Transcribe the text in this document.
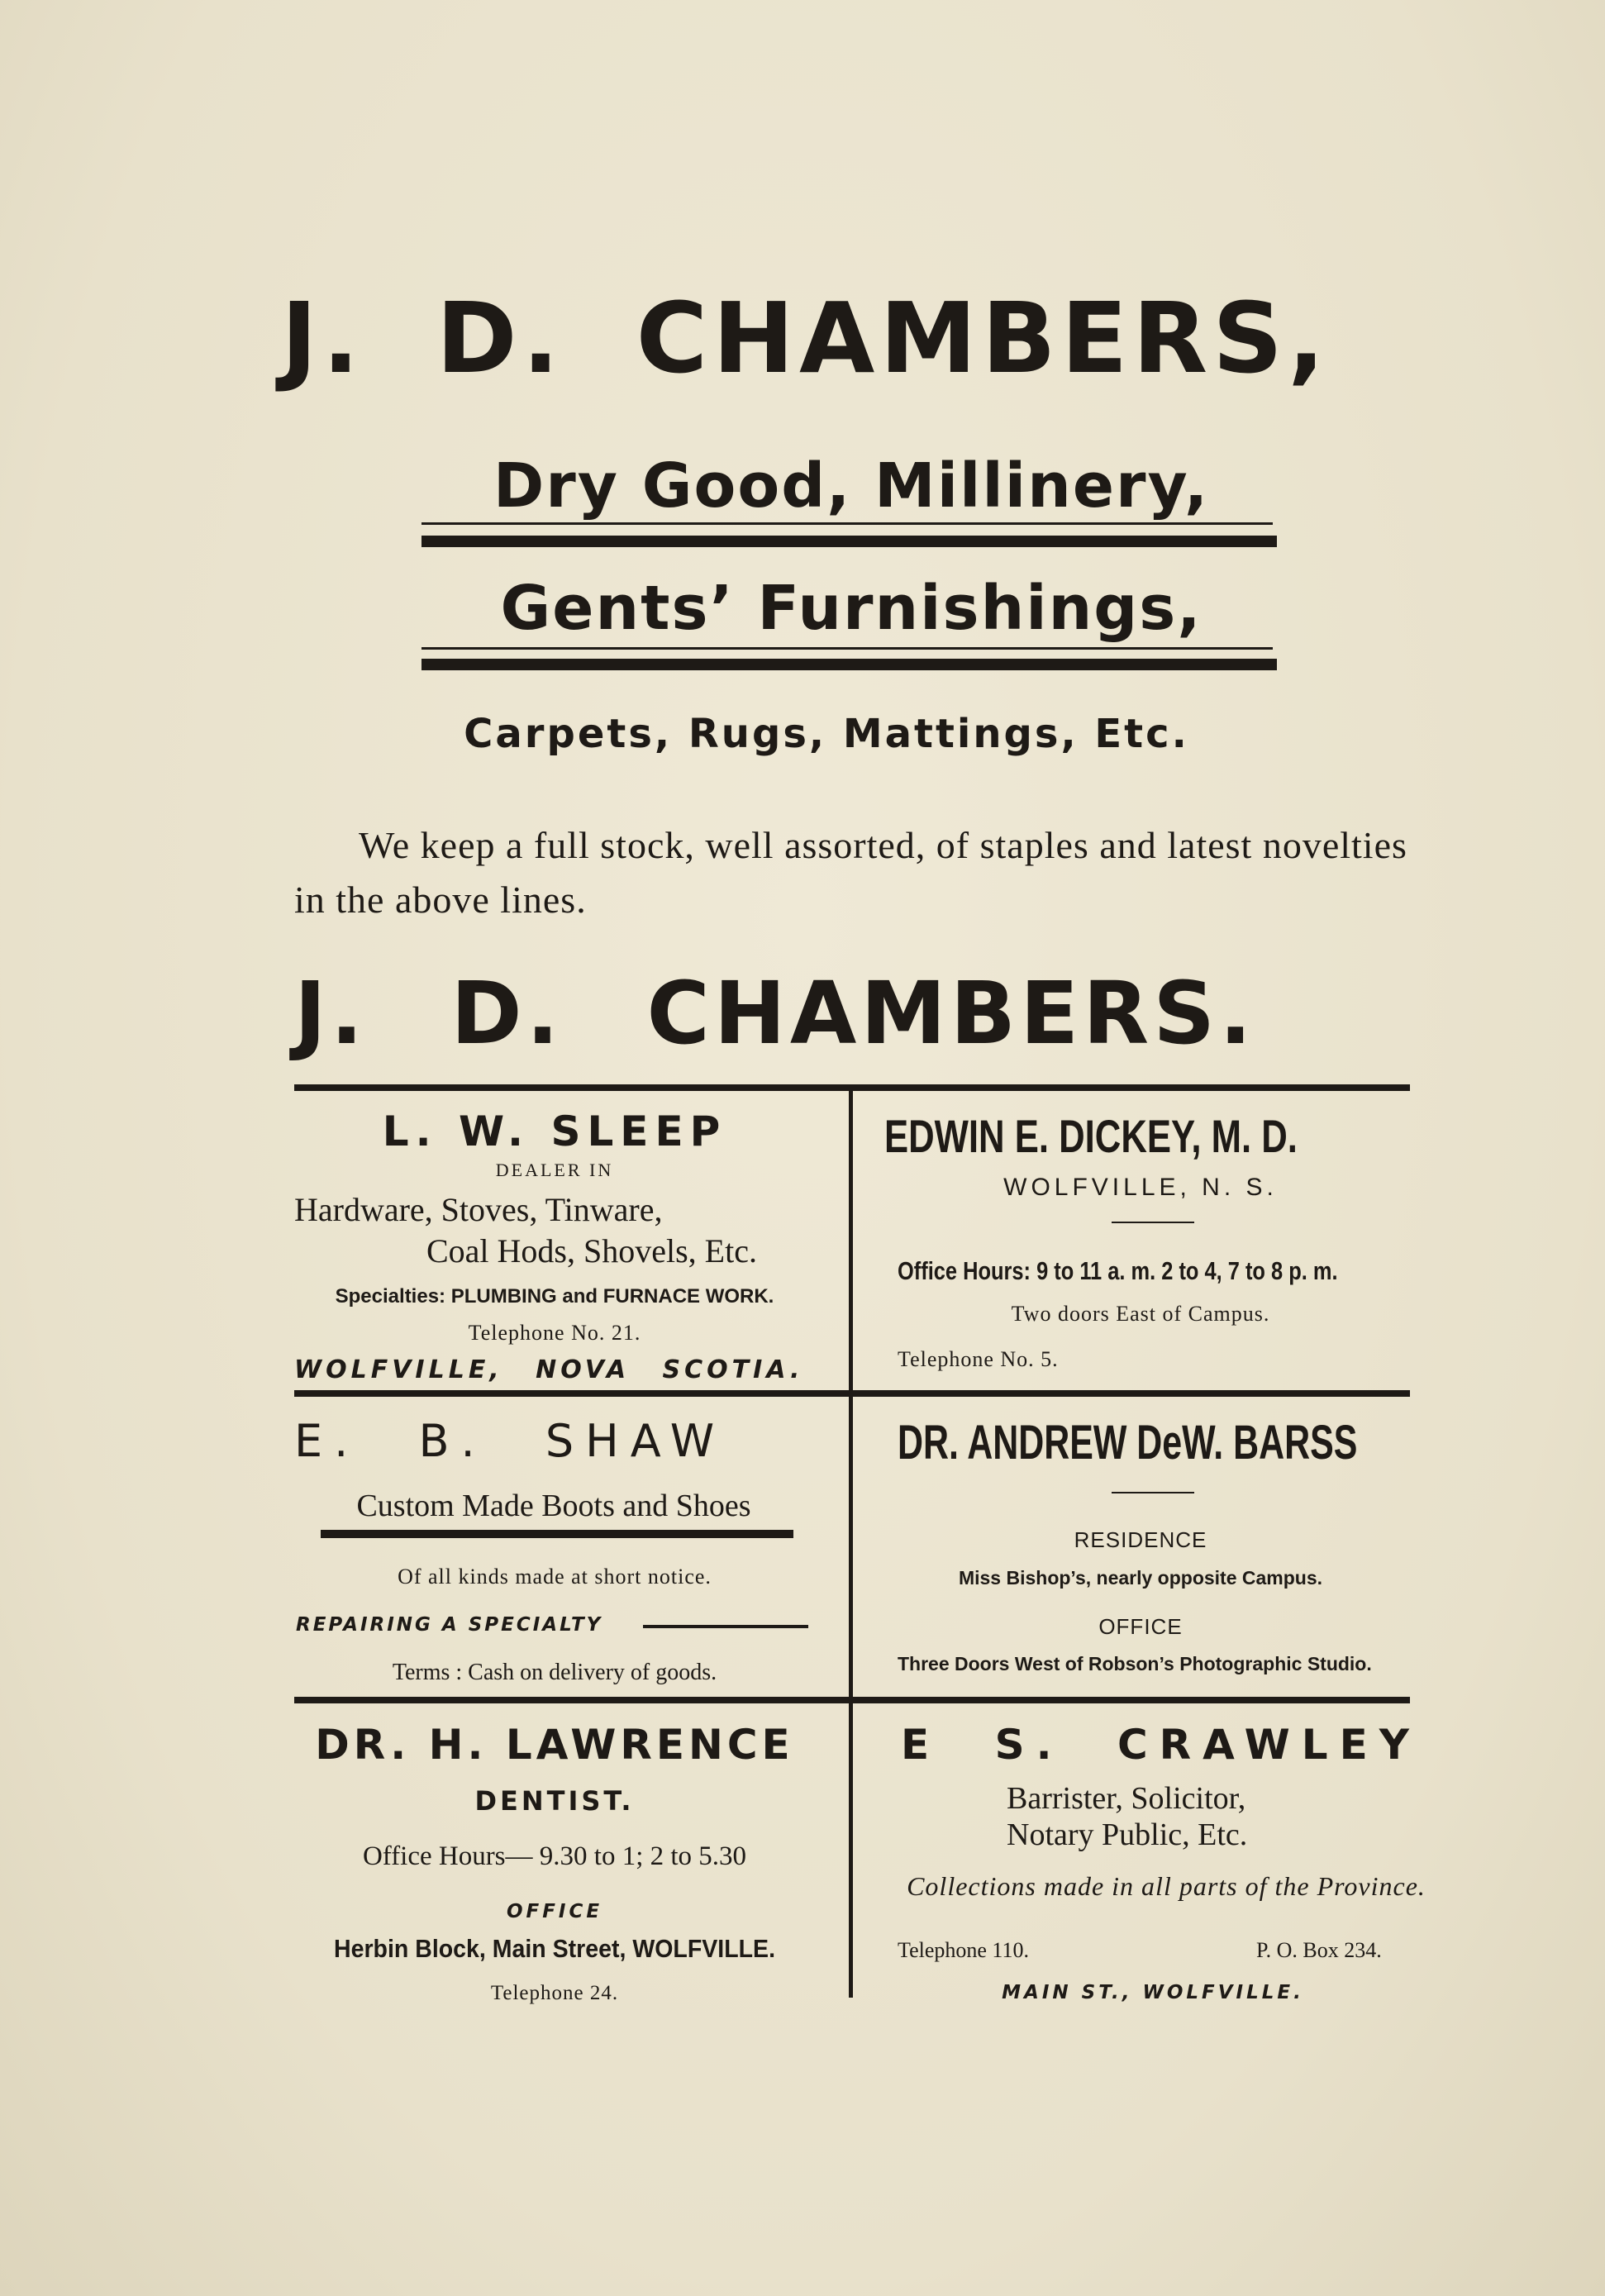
J. D. CHAMBERS,
Dry Good, Millinery,
Gents’ Furnishings,
Carpets, Rugs, Mattings, Etc.
We keep a full stock, well assorted, of staples and latest novelties in the above lines.
J. D. CHAMBERS.
L. W. SLEEP
DEALER IN
Hardware, Stoves, Tinware,
Coal Hods, Shovels, Etc.
Specialties: PLUMBING and FURNACE WORK.
Telephone No. 21.
WOLFVILLE, NOVA SCOTIA.
EDWIN E. DICKEY, M. D.
WOLFVILLE, N. S.
Office Hours: 9 to 11 a. m. 2 to 4, 7 to 8 p. m.
Two doors East of Campus.
Telephone No. 5.
E. B. SHAW
Custom Made Boots and Shoes
Of all kinds made at short notice.
REPAIRING A SPECIALTY
Terms : Cash on delivery of goods.
DR. ANDREW DeW. BARSS
RESIDENCE
Miss Bishop’s, nearly opposite Campus.
OFFICE
Three Doors West of Robson’s Photographic Studio.
DR. H. LAWRENCE
DENTIST.
Office Hours— 9.30 to 1; 2 to 5.30
OFFICE
Herbin Block, Main Street, WOLFVILLE.
Telephone 24.
E S. CRAWLEY
Barrister, Solicitor,
Notary Public, Etc.
Collections made in all parts of the Province.
Telephone 110.	P. O. Box 234.
MAIN ST., WOLFVILLE.
